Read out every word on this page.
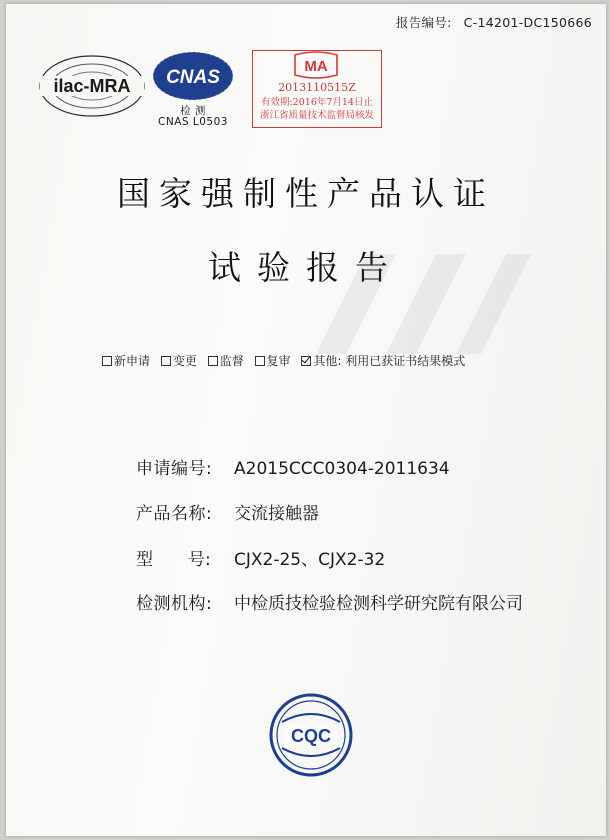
报告编号: C-14201-DC150666
ilac-MRA CNAS
检 测
CNAS L0503
MA
2013110515Z
有效期:2016年7月14日止
浙江省质量技术监督局核发
国家强制性产品认证
试验报告
新申请 变更 监督 复审 其他: 利用已获证书结果模式
申请编号: A2015CCC0304-2011634
产品名称: 交流接触器
型 号: CJX2-25、CJX2-32
检测机构: 中检质技检验检测科学研究院有限公司
CQC
